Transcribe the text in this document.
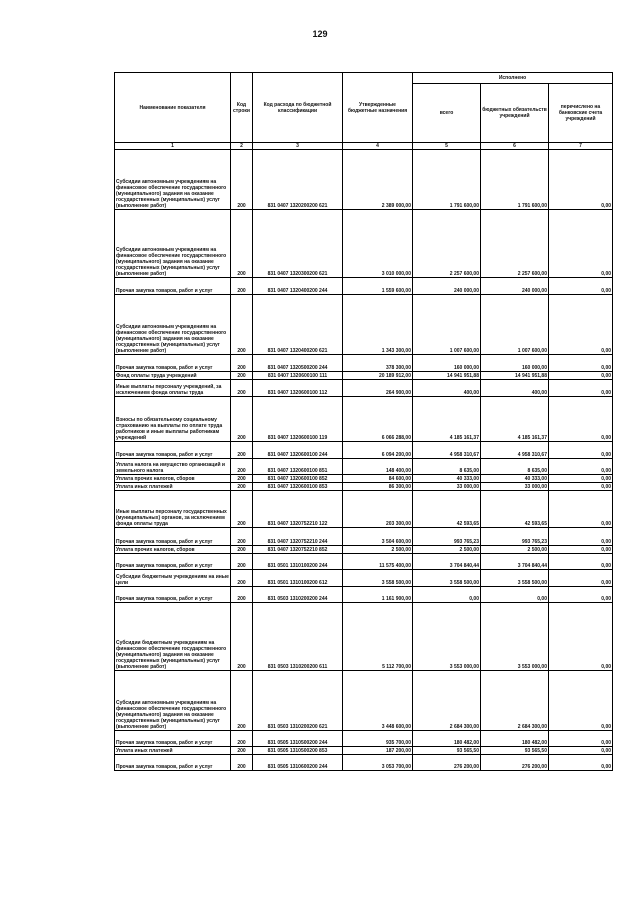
129
Наименование показателя	Код строки	Код расхода по бюджетной классификации	Утвержденные бюджетные назначения	Исполнено		
				всего	бюджетных обязательств учреждений	перечислено на банковские счета учреждений
1	2	3	4	5	6	7
Субсидии автономным учреждениям на финансовое обеспечение государственного (муниципального) задания на оказание государственных (муниципальных) услуг (выполнение работ)	200	831 0407 1320200200 621	2 389 000,00	1 791 600,00	1 791 600,00	0,00
Субсидии автономным учреждениям на финансовое обеспечение государственного (муниципального) задания на оказание государственных (муниципальных) услуг (выполнение работ)	200	831 0407 1320300200 621	3 010 000,00	2 257 600,00	2 257 600,00	0,00
Прочая закупка товаров, работ и услуг	200	831 0407 1320400200 244	1 559 600,00	240 000,00	240 000,00	0,00
Субсидии автономным учреждениям на финансовое обеспечение государственного (муниципального) задания на оказание государственных (муниципальных) услуг (выполнение работ)	200	831 0407 1320400200 621	1 343 300,00	1 007 600,00	1 007 600,00	0,00
Прочая закупка товаров, работ и услуг	200	831 0407 1320500200 244	378 300,00	160 000,00	160 000,00	0,00
Фонд оплаты труда учреждений	200	831 0407 1320600100 111	20 189 912,00	14 941 951,88	14 941 951,88	0,00
Иные выплаты персоналу учреждений, за исключением фонда оплаты труда	200	831 0407 1320600100 112	264 900,00	400,00	400,00	0,00
Взносы по обязательному социальному страхованию на выплаты по оплате труда работников и иные выплаты работникам учреждений	200	831 0407 1320600100 119	6 066 288,00	4 185 161,37	4 185 161,37	0,00
Прочая закупка товаров, работ и услуг	200	831 0407 1320600100 244	6 094 200,00	4 958 310,67	4 958 310,67	0,00
Уплата налога на имущество организаций и земельного налога	200	831 0407 1320600100 851	148 400,00	8 635,00	8 635,00	0,00
Уплата прочих налогов, сборов	200	831 0407 1320600100 852	84 600,00	40 333,00	40 333,00	0,00
Уплата иных платежей	200	831 0407 1320600100 853	86 300,00	33 000,00	33 000,00	0,00
Иные выплаты персоналу государственных (муниципальных) органов, за исключением фонда оплаты труда	200	831 0407 1320752210 122	203 300,00	42 593,65	42 593,65	0,00
Прочая закупка товаров, работ и услуг	200	831 0407 1320752210 244	3 504 600,00	993 765,23	993 765,23	0,00
Уплата прочих налогов, сборов	200	831 0407 1320752210 852	2 500,00	2 500,00	2 500,00	0,00
Прочая закупка товаров, работ и услуг	200	831 0501 1310100200 244	11 575 400,00	3 704 840,44	3 704 840,44	0,00
Субсидии бюджетным учреждениям на иные цели	200	831 0501 1310100200 612	3 558 500,00	3 558 500,00	3 558 500,00	0,00
Прочая закупка товаров, работ и услуг	200	831 0503 1310200200 244	1 161 900,00	0,00	0,00	0,00
Субсидии бюджетным учреждениям на финансовое обеспечение государственного (муниципального) задания на оказание государственных (муниципальных) услуг (выполнение работ)	200	831 0503 1310200200 611	5 112 700,00	3 553 000,00	3 553 000,00	0,00
Субсидии автономным учреждениям на финансовое обеспечение государственного (муниципального) задания на оказание государственных (муниципальных) услуг (выполнение работ)	200	831 0503 1310200200 621	3 448 600,00	2 684 300,00	2 684 300,00	0,00
Прочая закупка товаров, работ и услуг	200	831 0505 1310500200 244	935 700,00	180 482,00	180 482,00	0,00
Уплата иных платежей	200	831 0505 1310500200 853	187 200,00	93 565,50	93 565,50	0,00
Прочая закупка товаров, работ и услуг	200	831 0505 1310600200 244	3 053 700,00	276 200,00	276 200,00	0,00
